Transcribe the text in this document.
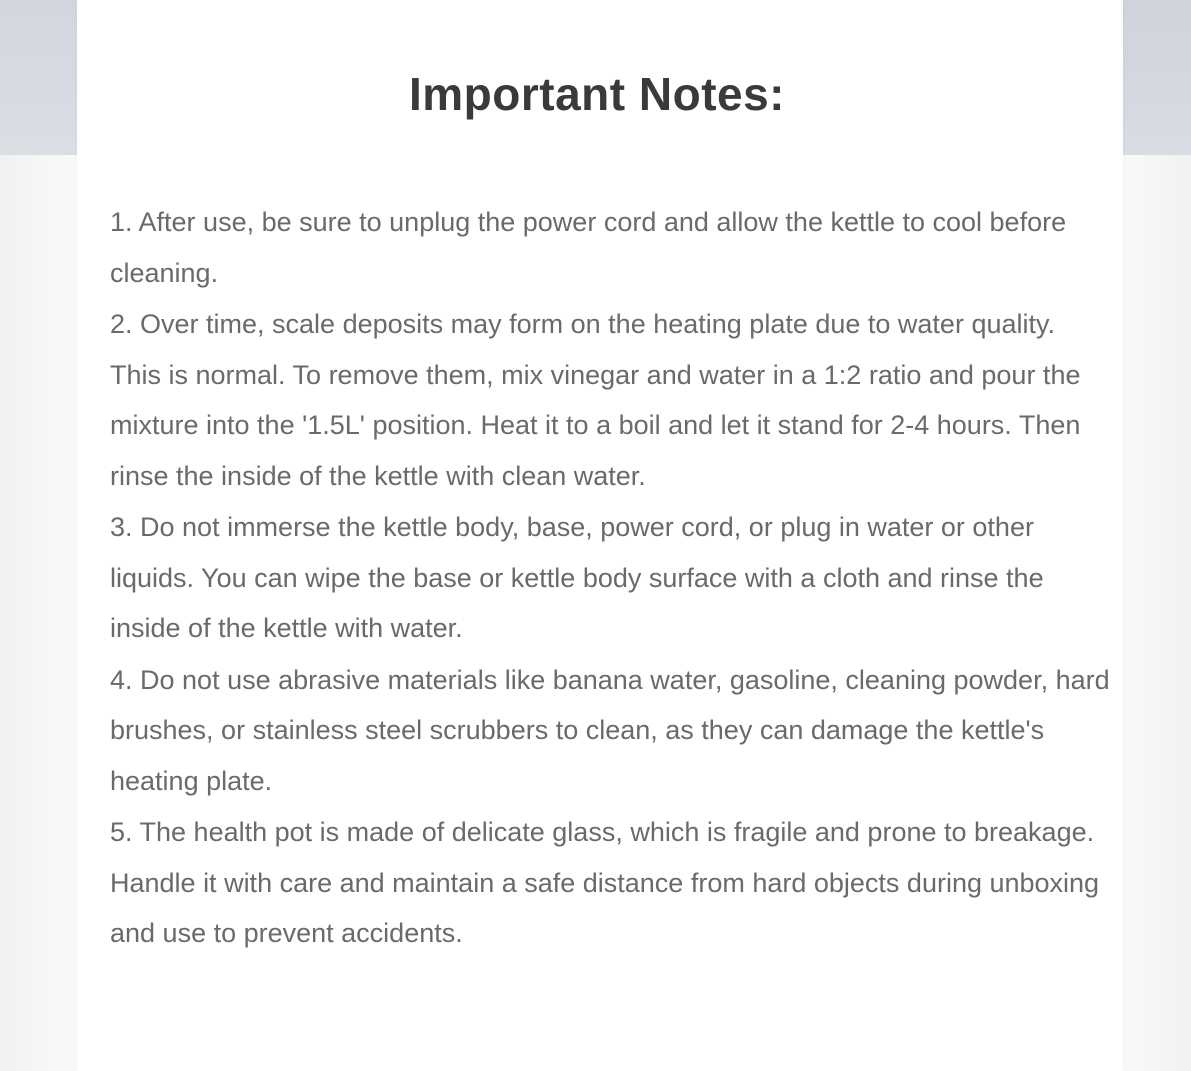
Important Notes:
1. After use, be sure to unplug the power cord and allow the kettle to cool before cleaning.
2. Over time, scale deposits may form on the heating plate due to water quality. This is normal. To remove them, mix vinegar and water in a 1:2 ratio and pour the mixture into the '1.5L' position. Heat it to a boil and let it stand for 2-4 hours. Then rinse the inside of the kettle with clean water.
3. Do not immerse the kettle body, base, power cord, or plug in water or other liquids. You can wipe the base or kettle body surface with a cloth and rinse the inside of the kettle with water.
4. Do not use abrasive materials like banana water, gasoline, cleaning powder, hard brushes, or stainless steel scrubbers to clean, as they can damage the kettle's heating plate.
5. The health pot is made of delicate glass, which is fragile and prone to breakage. Handle it with care and maintain a safe distance from hard objects during unboxing and use to prevent accidents.
